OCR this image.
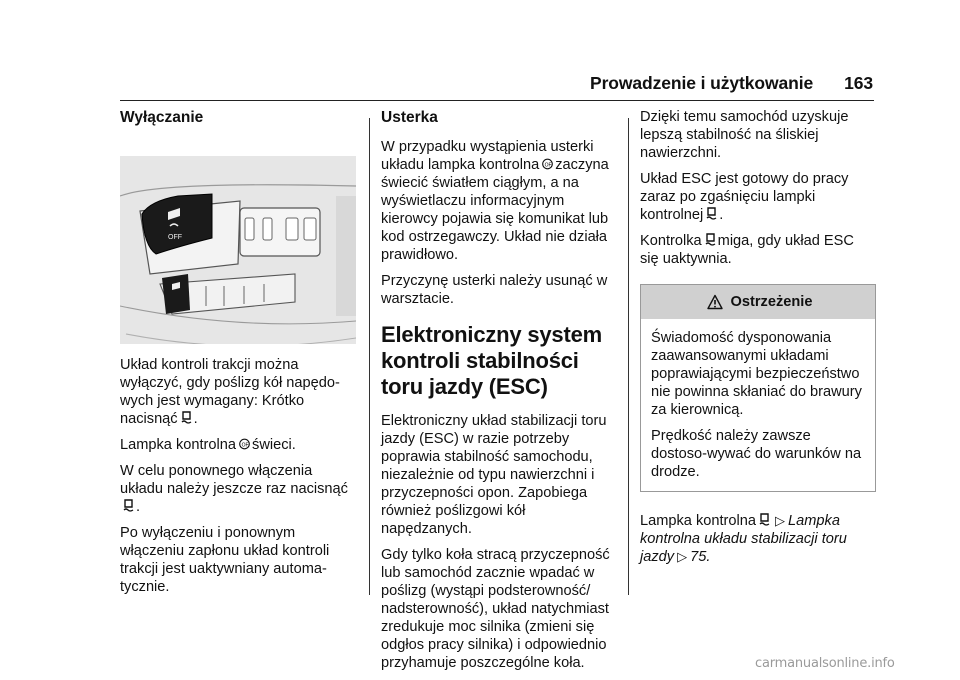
Prowadzenie i użytkowanie 163
Wyłączanie
OFF

Układ kontroli trakcji można wyłączyć, gdy poślizg kół napędo-wych jest wymagany: Krótko nacisnąć .

Lampka kontrolna OF świeci.

W celu ponownego włączenia układu należy jeszcze raz nacisnąć
.

Po wyłączeniu i ponownym włączeniu zapłonu układ kontroli trakcji jest uaktywniany automa-tycznie.

Usterka

W przypadku wystąpienia usterki układu lampka kontrolna OF zaczyna świecić światłem ciągłym, a na wyświetlaczu informacyjnym kierowcy pojawia się komunikat lub kod ostrzegawczy. Układ nie działa prawidłowo.

Przyczynę usterki należy usunąć w warsztacie.

Elektroniczny system kontroli stabilności toru jazdy (ESC)

Elektroniczny układ stabilizacji toru jazdy (ESC) w razie potrzeby poprawia stabilność samochodu, niezależnie od typu nawierzchni i przyczepności opon. Zapobiega również poślizgowi kół napędzanych.

Gdy tylko koła stracą przyczepność lub samochód zacznie wpadać w poślizg (wystąpi podsterowność/ nadsterowność), układ natychmiast zredukuje moc silnika (zmieni się odgłos pracy silnika) i odpowiednio przyhamuje poszczególne koła.

Dzięki temu samochód uzyskuje lepszą stabilność na śliskiej nawierzchni.

Układ ESC jest gotowy do pracy zaraz po zgaśnięciu lampki kontrolnej .

Kontrolka miga, gdy układ ESC się uaktywnia.

Ostrzeżenie

Świadomość dysponowania zaawansowanymi układami poprawiającymi bezpieczeństwo nie powinna skłaniać do brawury za kierownicą.

Prędkość należy zawsze dostoso-wywać do warunków na drodze.

Lampka kontrolna ▷ Lampka kontrolna układu stabilizacji toru jazdy ▷ 75.

carmanualsonline.info
